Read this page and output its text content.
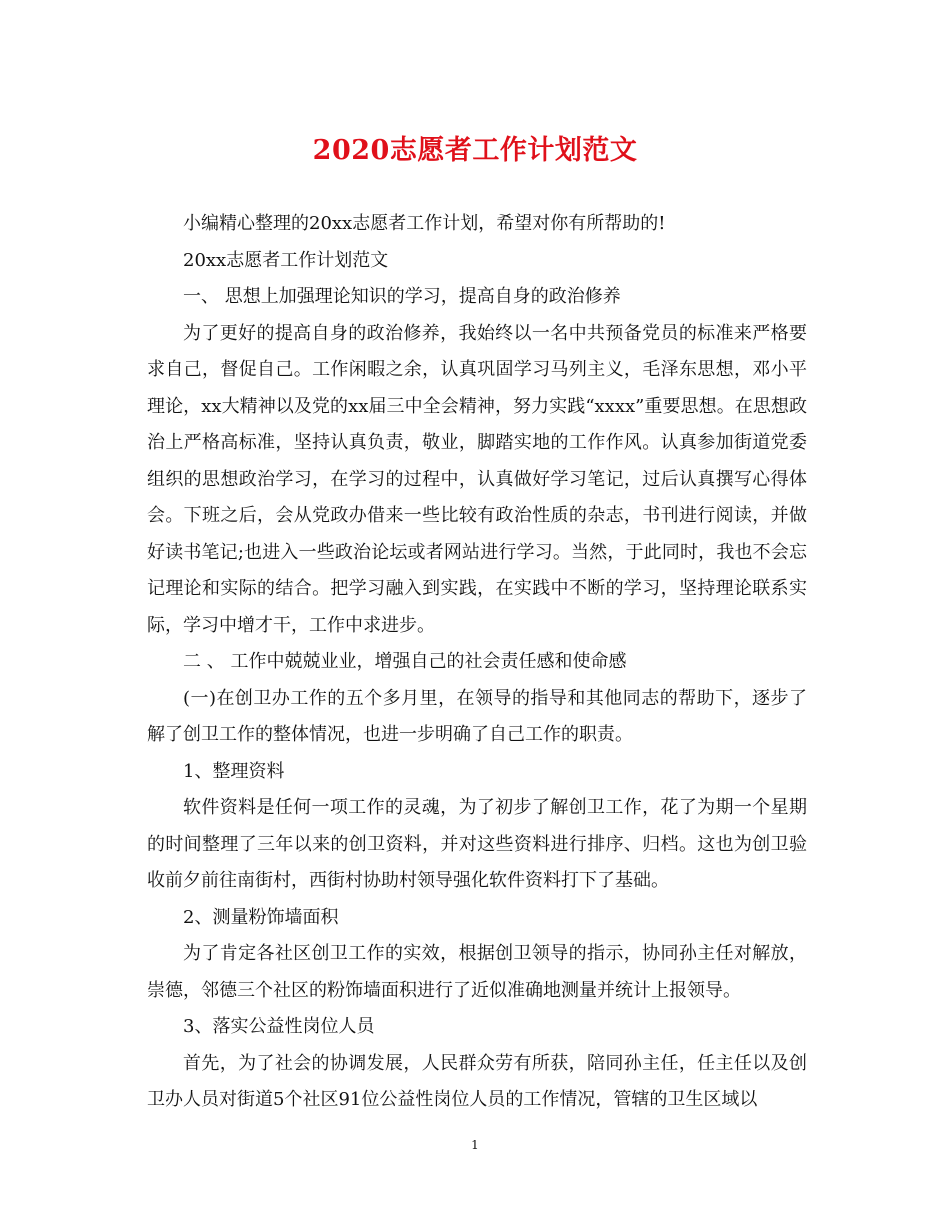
2020志愿者工作计划范文

小编精心整理的20xx志愿者工作计划，希望对你有所帮助的!

20xx志愿者工作计划范文

一、 思想上加强理论知识的学习，提高自身的政治修养

为了更好的提高自身的政治修养，我始终以一名中共预备党员的标准来严格要求自己，督促自己。工作闲暇之余，认真巩固学习马列主义，毛泽东思想，邓小平理论，xx大精神以及党的xx届三中全会精神，努力实践“xxxx”重要思想。在思想政治上严格高标准，坚持认真负责，敬业，脚踏实地的工作作风。认真参加街道党委组织的思想政治学习，在学习的过程中，认真做好学习笔记，过后认真撰写心得体会。下班之后，会从党政办借来一些比较有政治性质的杂志，书刊进行阅读，并做好读书笔记;也进入一些政治论坛或者网站进行学习。当然，于此同时，我也不会忘记理论和实际的结合。把学习融入到实践，在实践中不断的学习，坚持理论联系实际，学习中增才干，工作中求进步。

二 、 工作中兢兢业业，增强自己的社会责任感和使命感

(一)在创卫办工作的五个多月里，在领导的指导和其他同志的帮助下，逐步了解了创卫工作的整体情况，也进一步明确了自己工作的职责。

1、整理资料

软件资料是任何一项工作的灵魂，为了初步了解创卫工作，花了为期一个星期的时间整理了三年以来的创卫资料，并对这些资料进行排序、归档。这也为创卫验收前夕前往南街村，西街村协助村领导强化软件资料打下了基础。

2、测量粉饰墙面积

为了肯定各社区创卫工作的实效，根据创卫领导的指示，协同孙主任对解放，崇德，邻德三个社区的粉饰墙面积进行了近似准确地测量并统计上报领导。

3、落实公益性岗位人员

首先，为了社会的协调发展，人民群众劳有所获，陪同孙主任，任主任以及创卫办人员对街道5个社区91位公益性岗位人员的工作情况，管辖的卫生区域以

1
